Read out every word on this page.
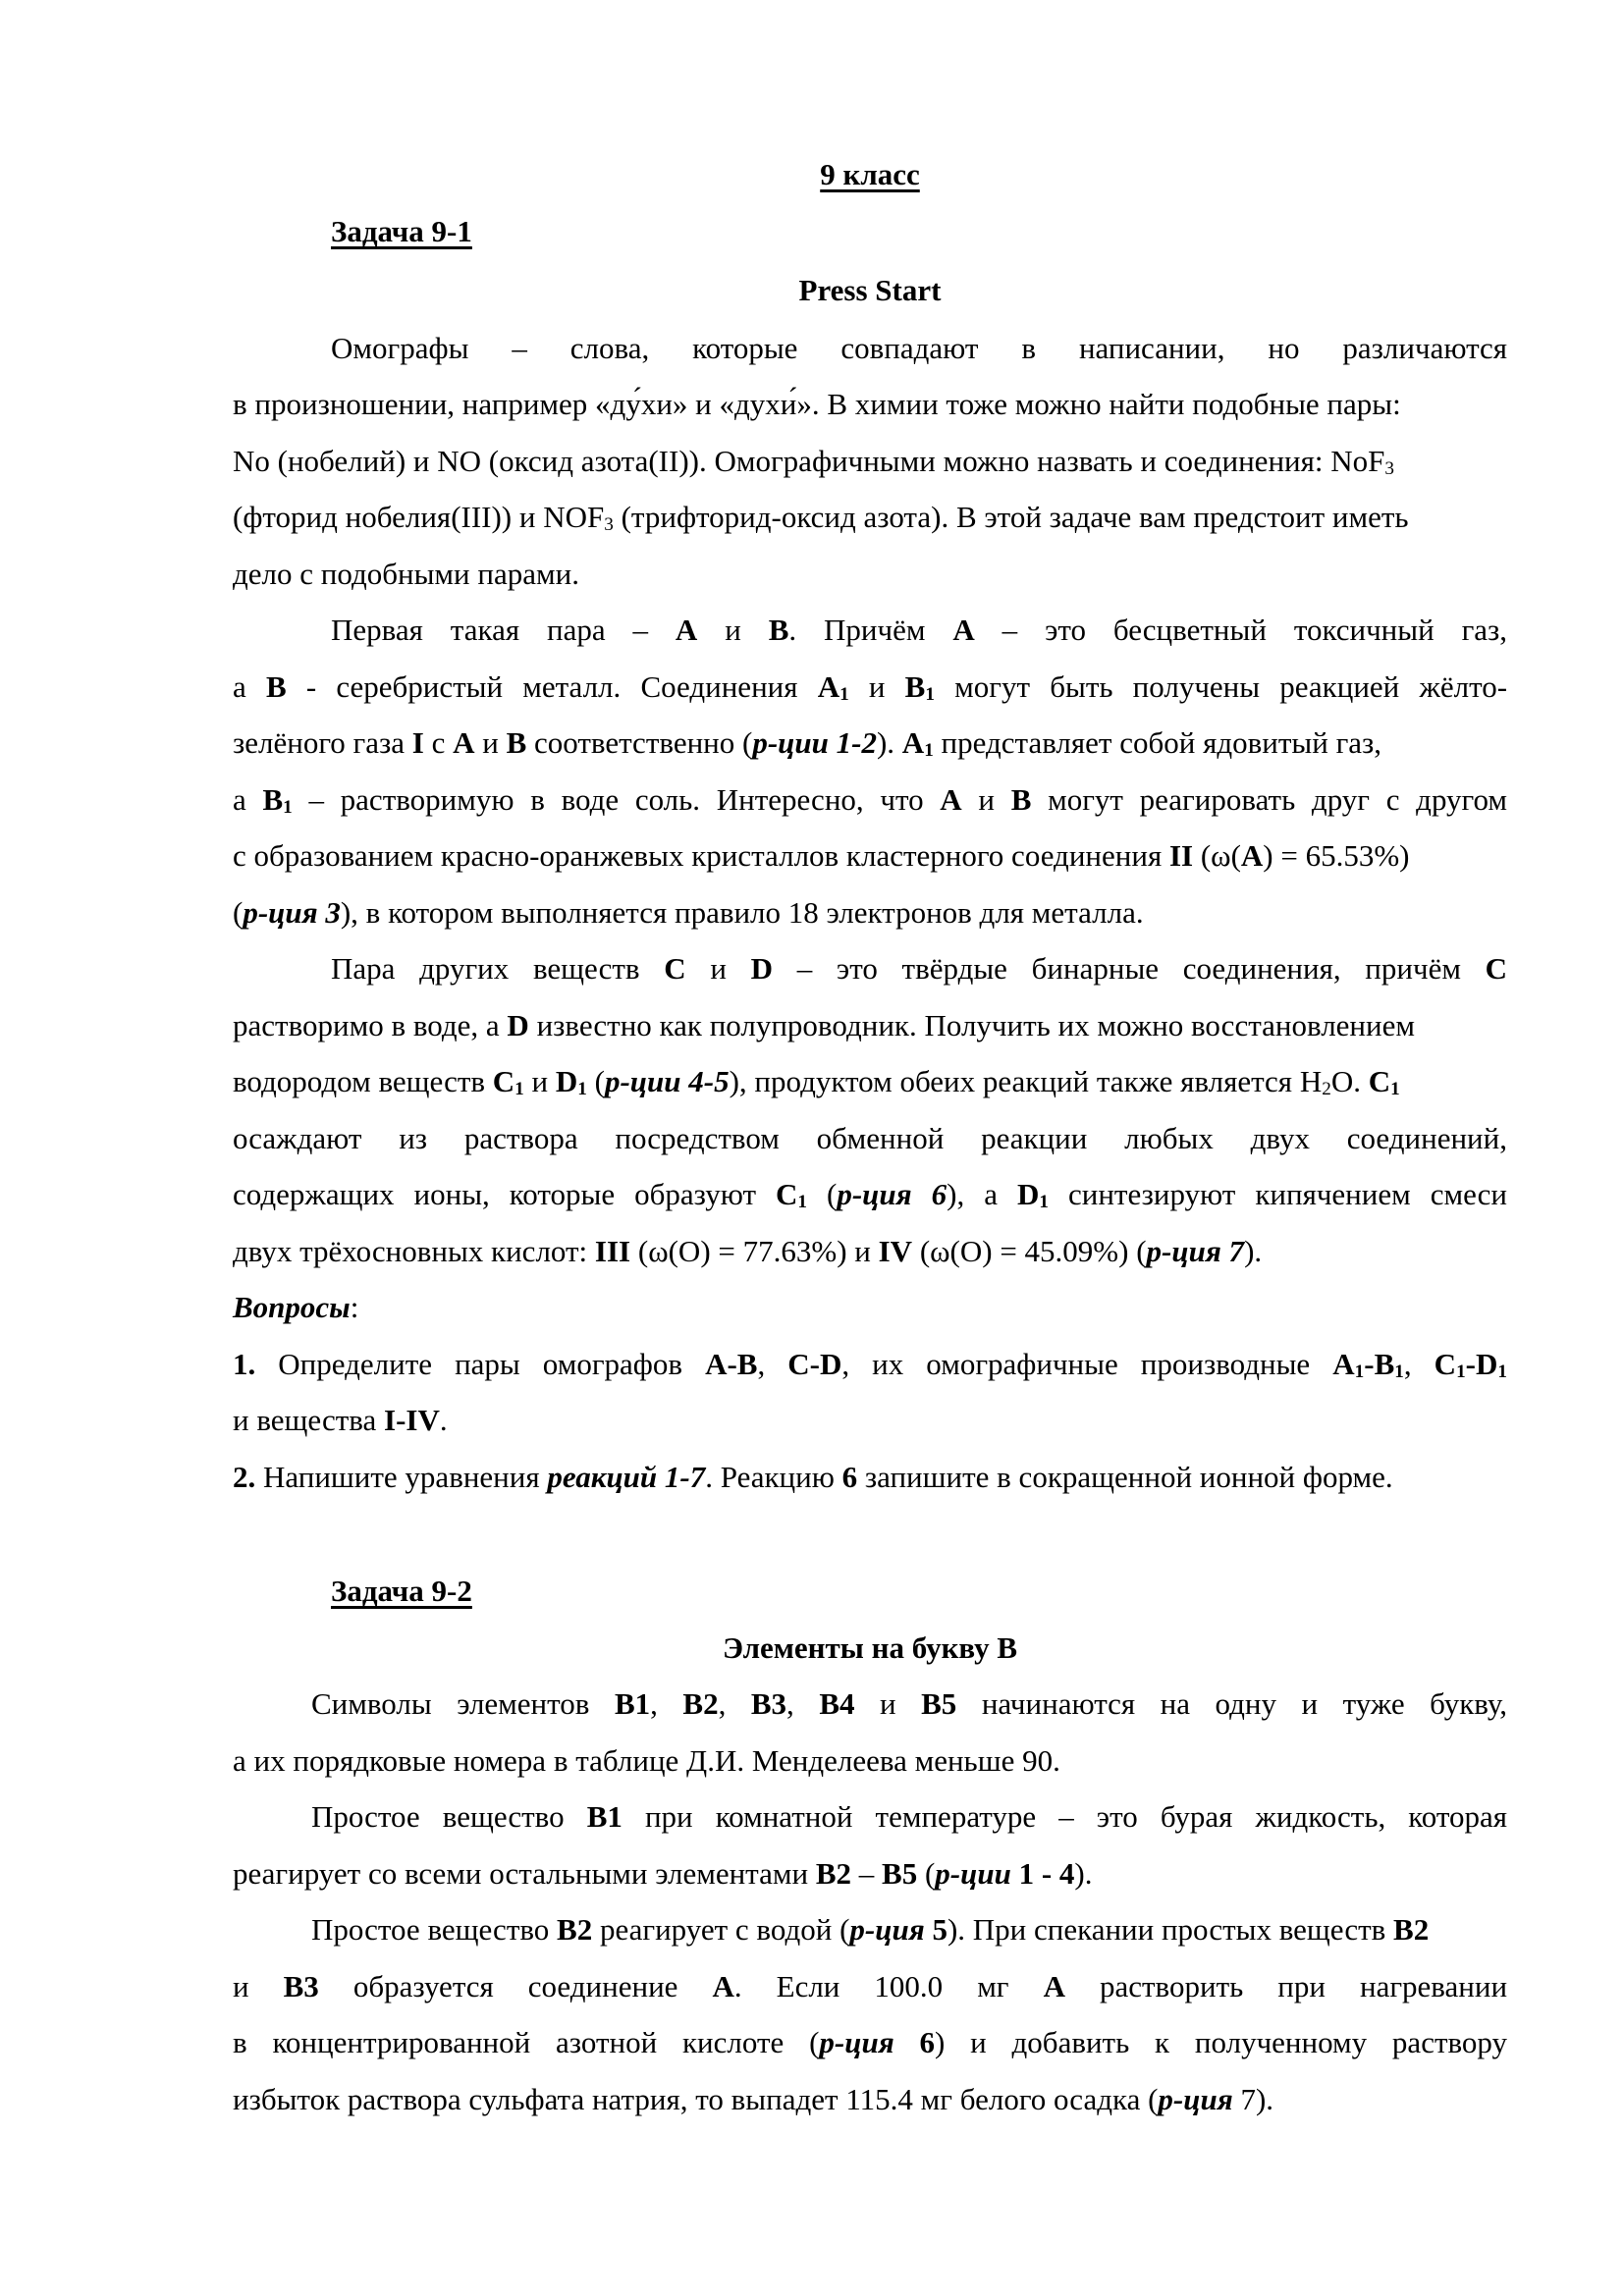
9 класс
Задача 9-1
Press Start
Омографы – слова, которые совпадают в написании, но различаются
в произношении, например «ду́хи» и «духи́». В химии тоже можно найти подобные пары:
No (нобелий) и NO (оксид азота(II)). Омографичными можно назвать и соединения: NoF$_3$
(фторид нобелия(III)) и $NOF_3$ (трифторид-оксид азота). В этой задаче вам предстоит иметь
дело с подобными парами.
Первая такая пара – A и B. Причём A – это бесцветный токсичный газ,
а B - серебристый металл. Соединения $A_1$ и $B_1$ могут быть получены реакцией жёлто-
зелёного газа I с A и B соответственно (р-ции 1-2). $A_1$ представляет собой ядовитый газ,
а $B_1$ – растворимую в воде соль. Интересно, что A и B могут реагировать друг с другом
с образованием красно-оранжевых кристаллов кластерного соединения II (ω(A) = 65.53%)
(р-ция 3), в котором выполняется правило 18 электронов для металла.
Пара других веществ C и D – это твёрдые бинарные соединения, причём C
растворимо в воде, а D известно как полупроводник. Получить их можно восстановлением
водородом веществ $C_1$ и $D_1$ (р-ции 4-5), продуктом обеих реакций также является $H_2O$. $C_1$
осаждают из раствора посредством обменной реакции любых двух соединений,
содержащих ионы, которые образуют $C_1$ (р-ция 6), а $D_1$ синтезируют кипячением смеси
двух трёхосновных кислот: III (ω(O) = 77.63%) и IV (ω(O) = 45.09%) (р-ция 7).
Вопросы:
1. Определите пары омографов A-B, C-D, их омографичные производные $A_1-B_1$, $C_1-D_1$
и вещества I-IV.
2. Напишите уравнения реакций 1-7. Реакцию 6 запишите в сокращенной ионной форме.
Задача 9-2
Элементы на букву B
Символы элементов B1, B2, B3, B4 и B5 начинаются на одну и туже букву,
а их порядковые номера в таблице Д.И. Менделеева меньше 90.
Простое вещество B1 при комнатной температуре – это бурая жидкость, которая
реагирует со всеми остальными элементами B2 – B5 (р-ции 1 - 4).
Простое вещество B2 реагирует с водой (р-ция 5). При спекании простых веществ B2
и B3 образуется соединение A. Если 100.0 мг A растворить при нагревании
в концентрированной азотной кислоте (р-ция 6) и добавить к полученному раствору
избыток раствора сульфата натрия, то выпадет 115.4 мг белого осадка (р-ция 7).
